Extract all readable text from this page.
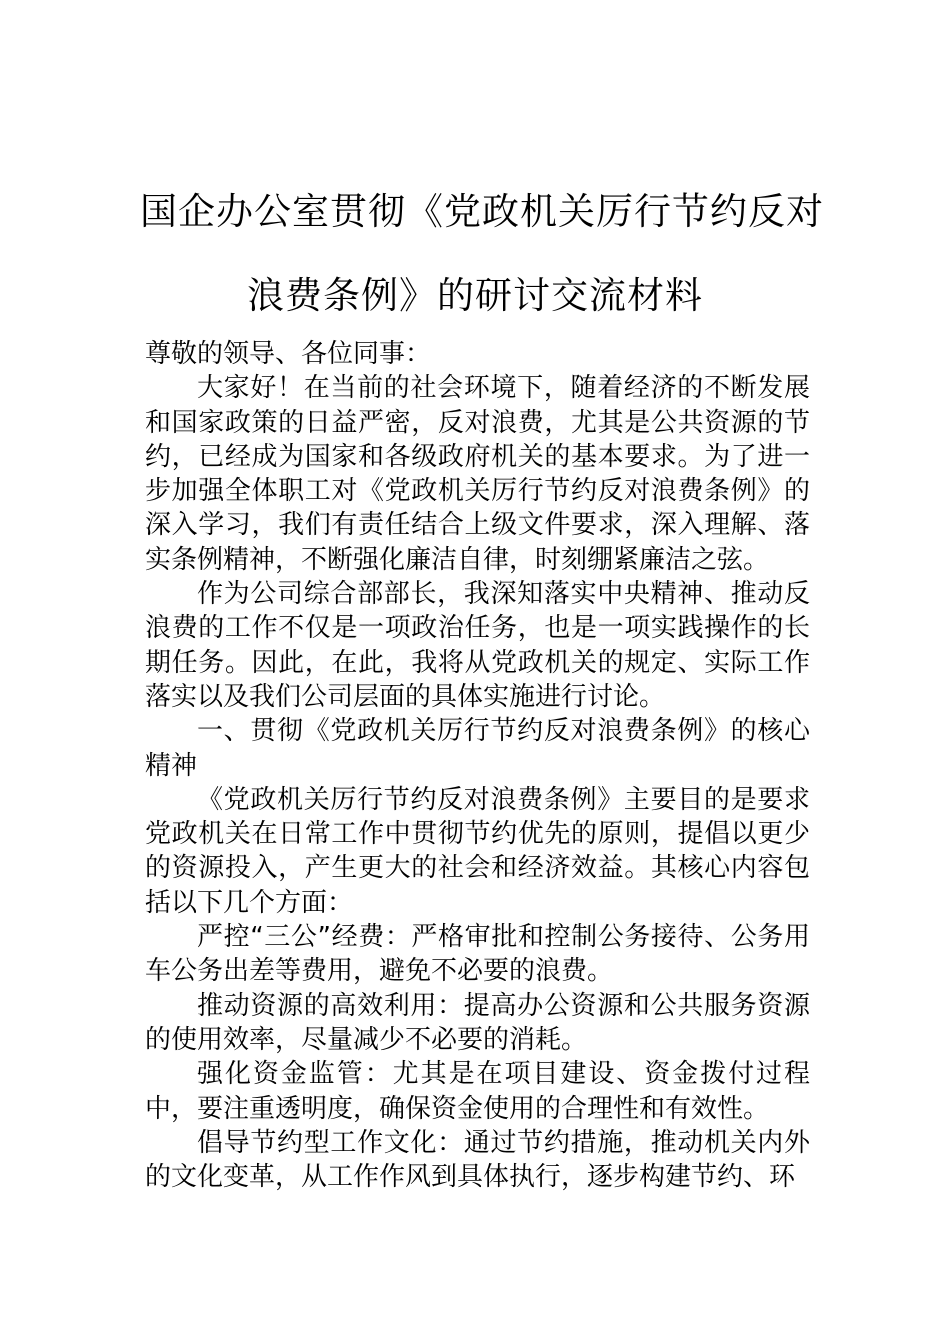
国企办公室贯彻《党政机关厉行节约反对
浪费条例》的研讨交流材料

尊敬的领导、各位同事：

大家好！在当前的社会环境下，随着经济的不断发展和国家政策的日益严密，反对浪费，尤其是公共资源的节约，已经成为国家和各级政府机关的基本要求。为了进一步加强全体职工对《党政机关厉行节约反对浪费条例》的深入学习，我们有责任结合上级文件要求，深入理解、落实条例精神，不断强化廉洁自律，时刻绷紧廉洁之弦。

作为公司综合部部长，我深知落实中央精神、推动反浪费的工作不仅是一项政治任务，也是一项实践操作的长期任务。因此，在此，我将从党政机关的规定、实际工作落实以及我们公司层面的具体实施进行讨论。

一、贯彻《党政机关厉行节约反对浪费条例》的核心精神

《党政机关厉行节约反对浪费条例》主要目的是要求党政机关在日常工作中贯彻节约优先的原则，提倡以更少的资源投入，产生更大的社会和经济效益。其核心内容包括以下几个方面：

严控“三公”经费：严格审批和控制公务接待、公务用车公务出差等费用，避免不必要的浪费。

推动资源的高效利用：提高办公资源和公共服务资源的使用效率，尽量减少不必要的消耗。

强化资金监管：尤其是在项目建设、资金拨付过程中，要注重透明度，确保资金使用的合理性和有效性。

倡导节约型工作文化：通过节约措施，推动机关内外的文化变革，从工作作风到具体执行，逐步构建节约、环
